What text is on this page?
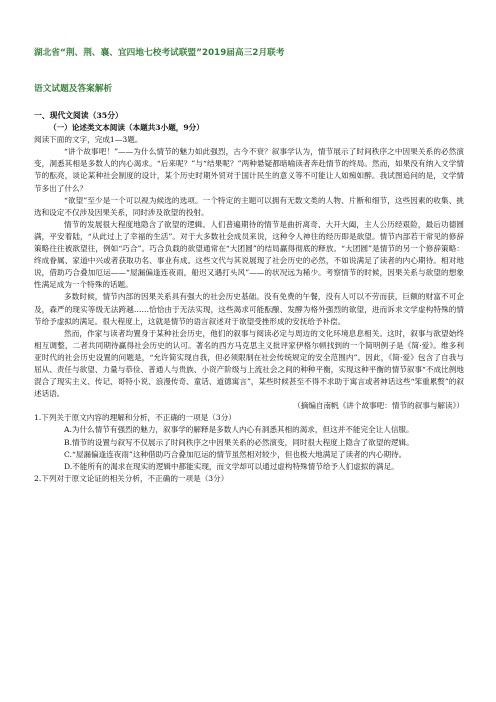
湖北省“荆、荆、襄、宜四地七校考试联盟”2019届高三2月联考
语文试题及答案解析

一、现代文阅读（35分）

（一）论述类文本阅读（本题共3小题，9分）

阅读下面的文字，完成1—3题。

“讲个故事吧！”——为什么情节的魅力如此强烈，古今不衰？叙事学认为，情节展示了时间秩序之中因果关系的必然演变，洞悉其相是多数人的内心渴求。“后来呢？”与“结果呢？”两种悬疑都暗喻读者奔赴情节的终局。然而，如果没有纳入文学情节的酝亮，谈论某种社会制度的设计，某个历史时期外贸对于国计民生的意义等不可能让人如痴如醉。我试图追问的是，文学情节多出了什么？

“欲望”至少是一个可以视为候选的选项。一个特定的主题可以拥有无数文类的人物、片断和细节，这些因素的收集、挑选和设定不仅涉及因果关系，同时涉及欲望的投射。

情节的发展很大程度地隐含了欲望的逻辑。人们普遍期待的情节是曲折离奇、大开大阖，主人公历经艰险，最后功德圆满，平安着陆，“从此过上了幸福的生活”。对于大多数社会成员来说，这种令人神往的经历即是欲望。情节内部若干常见的修辞策略往往被欲望往，例如“巧合”。巧合负载的欲望通常在“大团圆”的结局赢得彻底的释放。“大团圆”是情节的另一个修辞策略：终成眷属、家道中兴或者获取功名、事业有成。这些文代与其说展现了社会历史的必然，不如说满足了读者的内心期待。相对地说，借助巧合叠加厄运——“屋漏偏逢连夜雨，船迟又遇打头风”——的状况远为稀少。考察情节的时候，因果关系与欲望的想象性满足成为一个特殊的话题。

多数时候，情节内部的因果关系具有强大的社会历史基础。没有免费的午餐，没有人可以不劳而获，巨额的财富不可企及，森严的现实等级无法跨越……恰恰由于无法实现，这些渴求可能酝酿、发酵为格外强烈的欲望，进而诉求文学虚构特殊的情节给予虚拟的满足。很大程度上，这就是情节的语言叙述对于欲望受挫形成的安抚给予补偿。

然而，作家与读者均置身于某种社会历史，他们的叙事与阅读必定与周边的文化环境息息相关。这时，叙事与欲望始终相互调整，二者共同期待赢得社会历史的认可。著名的西方马克思主义批评家伊格尔顿找到的一个简明例子是《简·爱》。维多利亚时代的社会历史设置的问题是，“允许简实现自我，但必须限制在社会传统规定的安全范围内”。因此，《简·爱》包含了自我与屈从、责任与欲望、力量与恭俭、普通人与贵族、小资产阶级与上流社会之间的种种平衡，实现这种平衡的情节叙事“不成比例地混合了现实主义、传记、哥特小说、浪漫传奇、童话、道德寓言”，某些时候甚至不得不求助于寓言或者神话这些“笨重累赘”的叙述话语。

（摘编自南帆《讲个故事吧：情节的叙事与解读》）

1.下列关于原文内容的理解和分析，不正确的一项是（3分）

A.为什么情节有强烈的魅力，叙事学的解释是多数人内心有洞悉其相的渴求，但这并不能完全让人信服。

B.情节的设置与叙写不仅展示了时间秩序之中因果关系的必然演变，同时很大程度上隐含了欲望的逻辑。

C.“屋漏偏逢连夜雨”这种借助巧合叠加厄运的情节虽然相对较少，但也极大地满足了读者的内心期待。

D.不能所有的渴求在现实的逻辑中都能实现，而文学却可以通过虚构特殊情节给予人们虚拟的满足。

2.下列对于原文论证的相关分析，不正确的一项是（3分）
